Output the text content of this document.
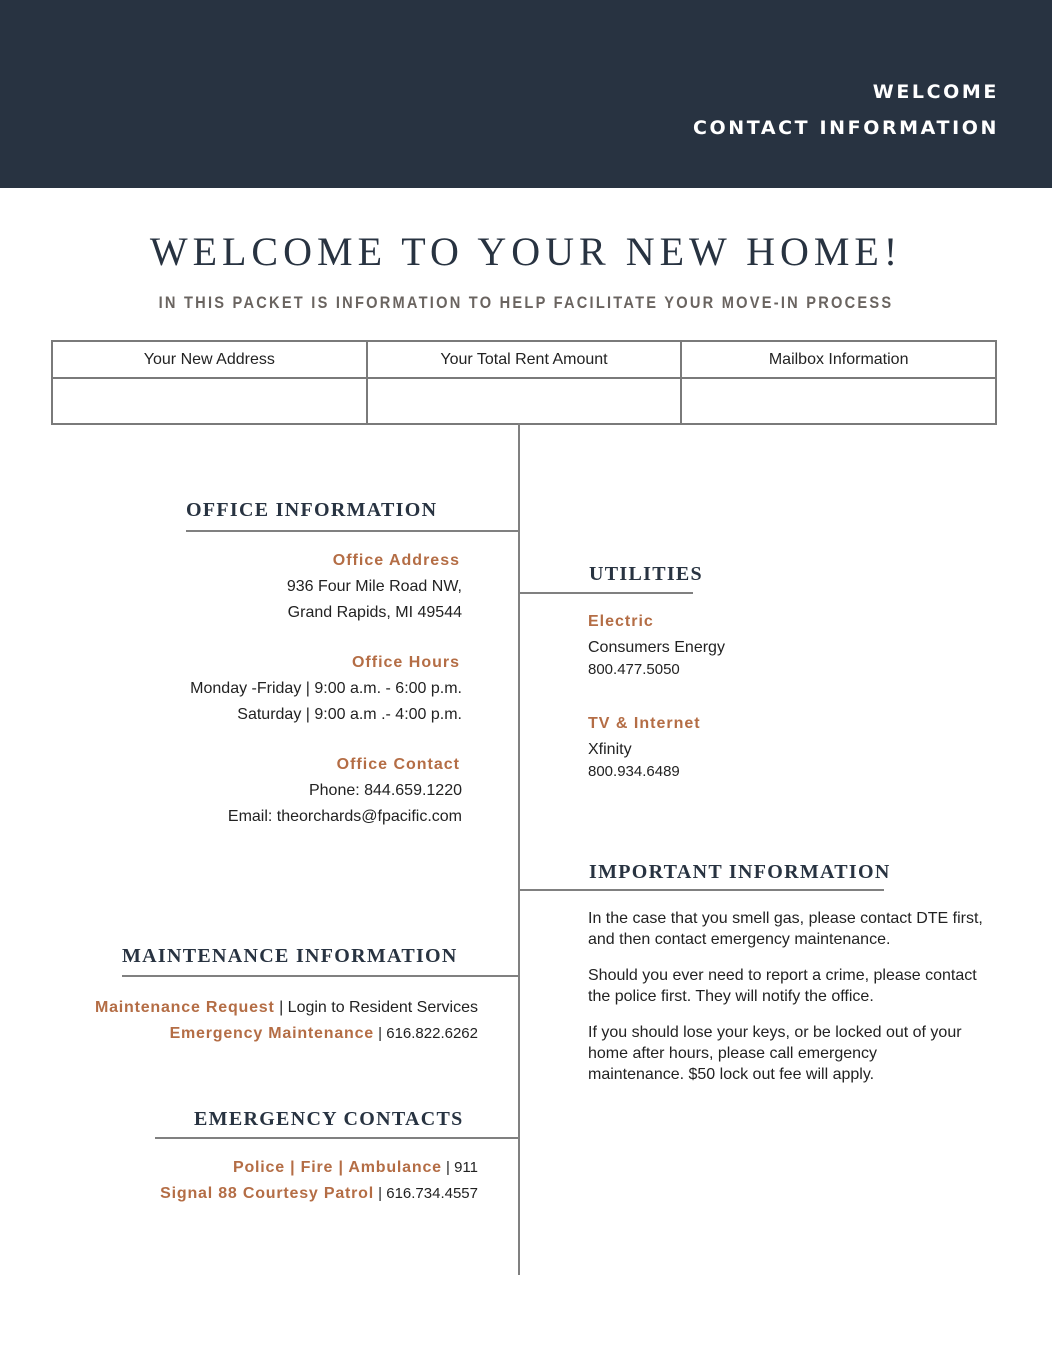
WELCOME
CONTACT INFORMATION
WELCOME TO YOUR NEW HOME!
IN THIS PACKET IS INFORMATION TO HELP FACILITATE YOUR MOVE-IN PROCESS
Your New Address	Your Total Rent Amount	Mailbox Information

OFFICE INFORMATION
Office Address
936 Four Mile Road NW,
Grand Rapids, MI 49544
Office Hours
Monday -Friday | 9:00 a.m. - 6:00 p.m.
Saturday | 9:00 a.m .- 4:00 p.m.
Office Contact
Phone: 844.659.1220
Email: theorchards@fpacific.com
MAINTENANCE INFORMATION
Maintenance Request | Login to Resident Services
Emergency Maintenance | 616.822.6262
EMERGENCY CONTACTS
Police | Fire | Ambulance | 911
Signal 88 Courtesy Patrol | 616.734.4557
UTILITIES
Electric
Consumers Energy
800.477.5050
TV & Internet
Xfinity
800.934.6489
IMPORTANT INFORMATION
In the case that you smell gas, please contact DTE first, and then contact emergency maintenance.
Should you ever need to report a crime, please contact the police first. They will notify the office.
If you should lose your keys, or be locked out of your home after hours, please call emergency maintenance. $50 lock out fee will apply.
